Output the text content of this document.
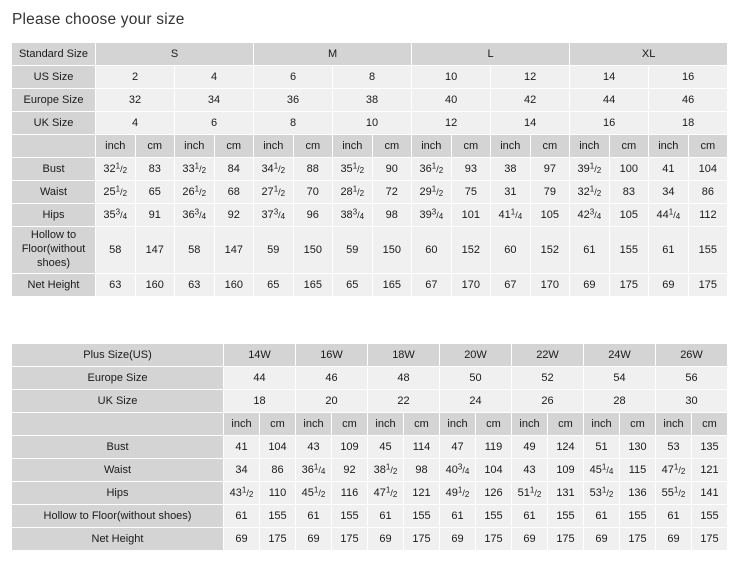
Please choose your size
Standard Size	S				M				L				XL			
US Size	2		4		6		8		10		12		14		16	
Europe Size	32		34		36		38		40		42		44		46	
UK Size	4		6		8		10		12		14		16		18	
	inch	cm	inch	cm	inch	cm	inch	cm	inch	cm	inch	cm	inch	cm	inch	cm
Bust	$32^1/_2$	83	$33^1/_2$	84	$34^1/_2$	88	$35^1/_2$	90	$36^1/_2$	93	38	97	$39^1/_2$	100	41	104
Waist	$25^1/_2$	65	$26^1/_2$	68	$27^1/_2$	70	$28^1/_2$	72	$29^1/_2$	75	31	79	$32^1/_2$	83	34	86
Hips	$35^3/_4$	91	$36^3/_4$	92	$37^3/_4$	96	$38^3/_4$	98	$39^3/_4$	101	$41^1/_4$	105	$42^3/_4$	105	$44^1/_4$	112
Hollow to
Floor(without
shoes)	58	147	58	147	59	150	59	150	60	152	60	152	61	155	61	155
Net Height	63	160	63	160	65	165	65	165	67	170	67	170	69	175	69	175
Plus Size(US)	14W		16W		18W		20W		22W		24W		26W	
Europe Size	44		46		48		50		52		54		56	
UK Size	18		20		22		24		26		28		30	
	inch	cm	inch	cm	inch	cm	inch	cm	inch	cm	inch	cm	inch	cm
Bust	41	104	43	109	45	114	47	119	49	124	51	130	53	135
Waist	34	86	$36^1/_4$	92	$38^1/_2$	98	$40^3/_4$	104	43	109	$45^1/_4$	115	$47^1/_2$	121
Hips	$43^1/_2$	110	$45^1/_2$	116	$47^1/_2$	121	$49^1/_2$	126	$51^1/_2$	131	$53^1/_2$	136	$55^1/_2$	141
Hollow to Floor(without shoes)	61	155	61	155	61	155	61	155	61	155	61	155	61	155
Net Height	69	175	69	175	69	175	69	175	69	175	69	175	69	175
